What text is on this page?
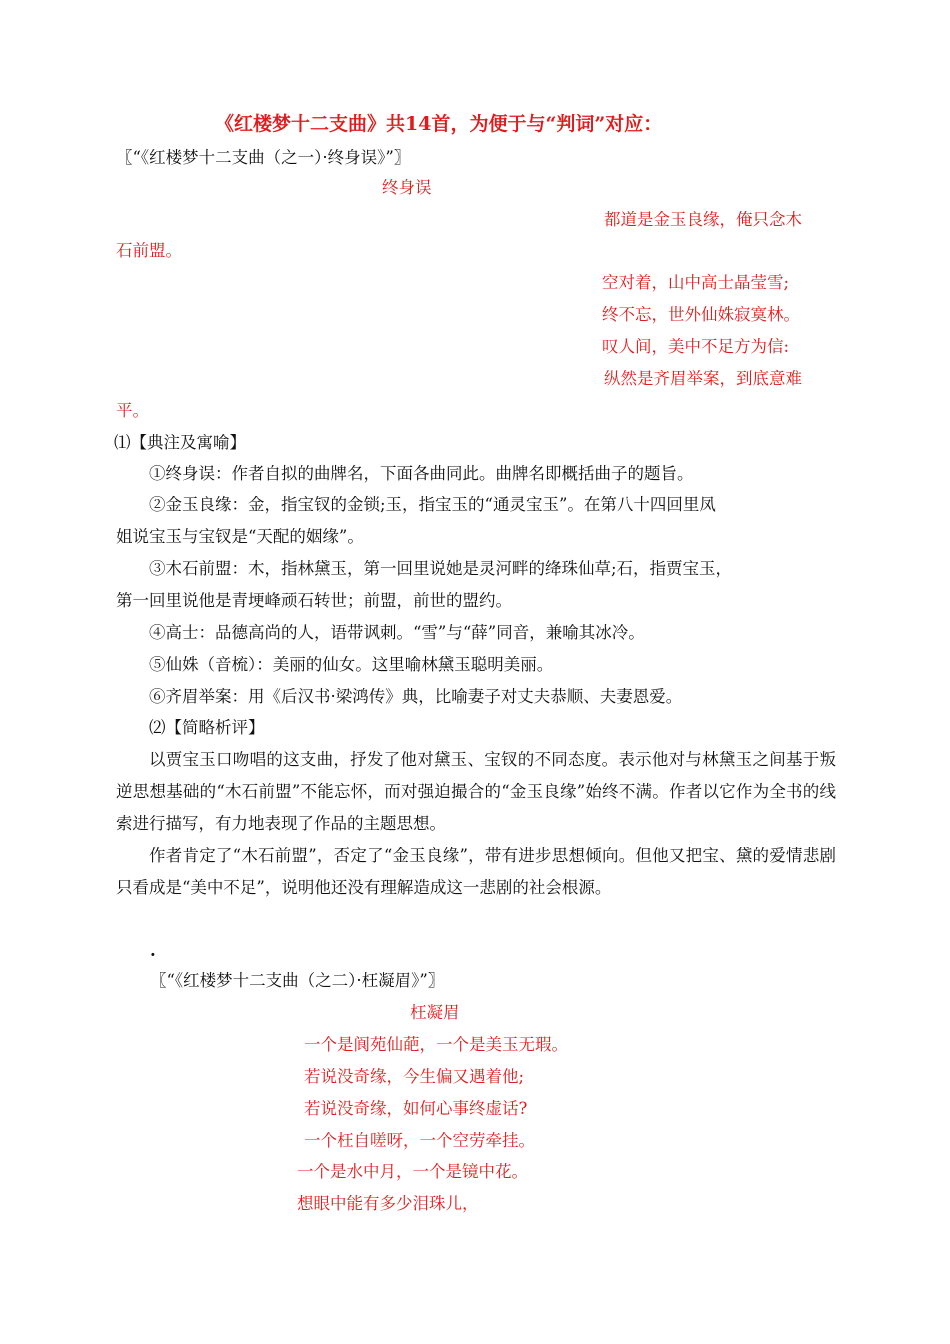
《红楼梦十二支曲》共14首，为便于与“判词”对应：
〖“《红楼梦十二支曲（之一）·终身误》”〗
终身误
都道是金玉良缘，俺只念木
石前盟。
空对着，山中高士晶莹雪;
终不忘，世外仙姝寂寞林。
叹人间，美中不足方为信:
纵然是齐眉举案，到底意难
平。
⑴【典注及寓喻】
①终身误：作者自拟的曲牌名，下面各曲同此。曲牌名即概括曲子的题旨。
②金玉良缘：金，指宝钗的金锁;玉，指宝玉的“通灵宝玉”。在第八十四回里凤
姐说宝玉与宝钗是“天配的姻缘”。
③木石前盟：木，指林黛玉，第一回里说她是灵河畔的绛珠仙草;石，指贾宝玉，
第一回里说他是青埂峰顽石转世；前盟，前世的盟约。
④高士：品德高尚的人，语带讽刺。“雪”与“薛”同音，兼喻其冰冷。
⑤仙姝（音梳）：美丽的仙女。这里喻林黛玉聪明美丽。
⑥齐眉举案：用《后汉书·梁鸿传》典，比喻妻子对丈夫恭顺、夫妻恩爱。
⑵【简略析评】
以贾宝玉口吻唱的这支曲，抒发了他对黛玉、宝钗的不同态度。表示他对与林黛玉之间基于叛逆思想基础的“木石前盟”不能忘怀，而对强迫撮合的“金玉良缘”始终不满。作者以它作为全书的线索进行描写，有力地表现了作品的主题思想。
作者肯定了“木石前盟”，否定了“金玉良缘”，带有进步思想倾向。但他又把宝、黛的爱情悲剧只看成是“美中不足”，说明他还没有理解造成这一悲剧的社会根源。
.
〖“《红楼梦十二支曲（之二）·枉凝眉》”〗
枉凝眉
一个是阆苑仙葩，一个是美玉无瑕。
若说没奇缘，今生偏又遇着他;
若说没奇缘，如何心事终虚话?
一个枉自嗟呀，一个空劳牵挂。
一个是水中月，一个是镜中花。
想眼中能有多少泪珠儿，
